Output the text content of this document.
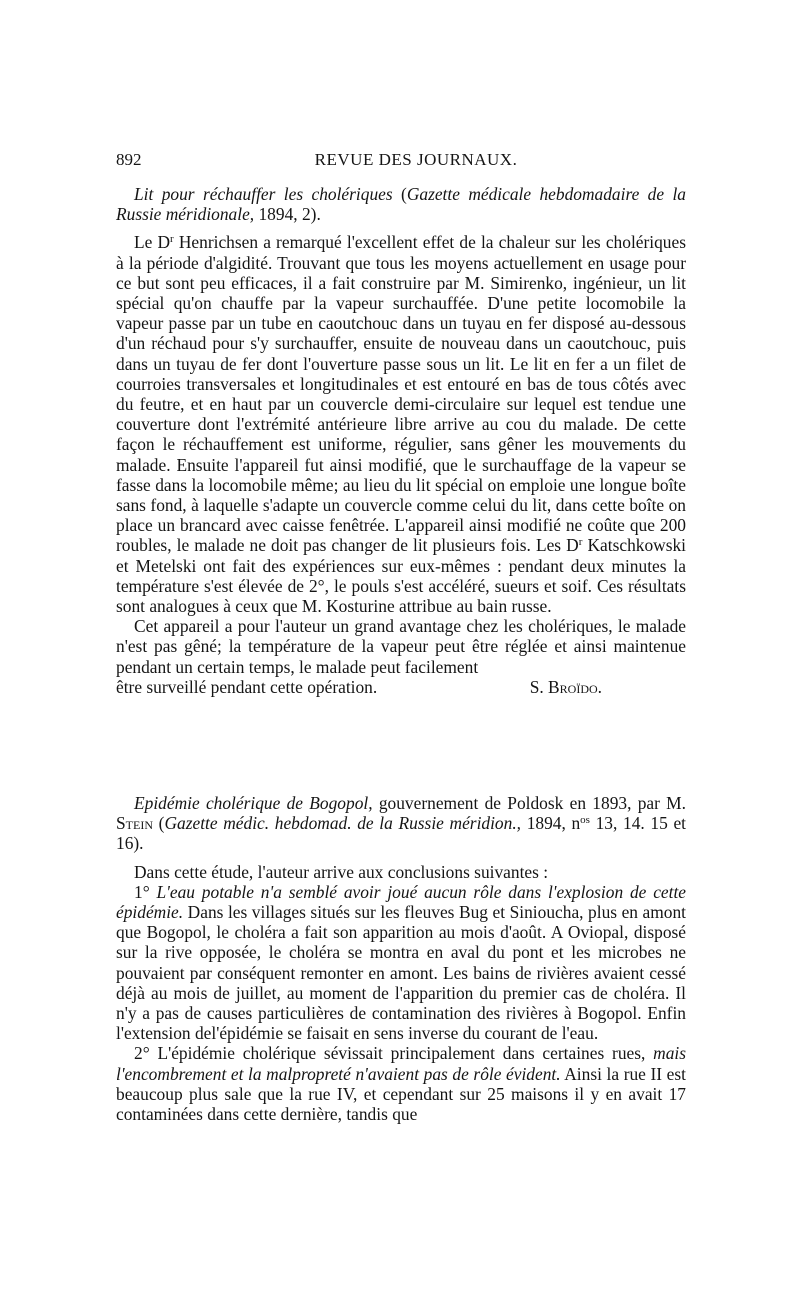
892	REVUE DES JOURNAUX.

Lit pour réchauffer les cholériques (Gazette médicale hebdomadaire de la Russie méridionale, 1894, 2).

Le $D^r$ Henrichsen a remarqué l'excellent effet de la chaleur sur les cholériques à la période d'algidité. Trouvant que tous les moyens actuellement en usage pour ce but sont peu efficaces, il a fait construire par M. Simirenko, ingénieur, un lit spécial qu'on chauffe par la vapeur surchauffée. D'une petite locomobile la vapeur passe par un tube en caoutchouc dans un tuyau en fer disposé au-dessous d'un réchaud pour s'y surchauffer, ensuite de nouveau dans un caoutchouc, puis dans un tuyau de fer dont l'ouverture passe sous un lit. Le lit en fer a un filet de courroies transversales et longitudinales et est entouré en bas de tous côtés avec du feutre, et en haut par un couvercle demi-circulaire sur lequel est tendue une couverture dont l'extrémité antérieure libre arrive au cou du malade. De cette façon le réchauffement est uniforme, régulier, sans gêner les mouvements du malade. Ensuite l'appareil fut ainsi modifié, que le surchauffage de la vapeur se fasse dans la locomobile même; au lieu du lit spécial on emploie une longue boîte sans fond, à laquelle s'adapte un couvercle comme celui du lit, dans cette boîte on place un brancard avec caisse fenêtrée. L'appareil ainsi modifié ne coûte que 200 roubles, le malade ne doit pas changer de lit plusieurs fois. Les $D^r$ Katschkowski et Metelski ont fait des expériences sur eux-mêmes : pendant deux minutes la température s'est élevée de 2°, le pouls s'est accéléré, sueurs et soif. Ces résultats sont analogues à ceux que M. Kosturine attribue au bain russe.

Cet appareil a pour l'auteur un grand avantage chez les cholériques, le malade n'est pas gêné; la température de la vapeur peut être réglée et ainsi maintenue pendant un certain temps, le malade peut facilement

être surveillé pendant cette opération.	S. Broïdo.

Epidémie cholérique de Bogopol, gouvernement de Poldosk en 1893, par M. Stein (Gazette médic. hebdomad. de la Russie méridion., 1894, $n^{os}$ 13, 14. 15 et 16).

Dans cette étude, l'auteur arrive aux conclusions suivantes :

1° L'eau potable n'a semblé avoir joué aucun rôle dans l'explosion de cette épidémie. Dans les villages situés sur les fleuves Bug et Sinioucha, plus en amont que Bogopol, le choléra a fait son apparition au mois d'août. A Oviopal, disposé sur la rive opposée, le choléra se montra en aval du pont et les microbes ne pouvaient par conséquent remonter en amont. Les bains de rivières avaient cessé déjà au mois de juillet, au moment de l'apparition du premier cas de choléra. Il n'y a pas de causes particulières de contamination des rivières à Bogopol. Enfin l'extension del'épidémie se faisait en sens inverse du courant de l'eau.

2° L'épidémie cholérique sévissait principalement dans certaines rues, mais l'encombrement et la malpropreté n'avaient pas de rôle évident. Ainsi la rue II est beaucoup plus sale que la rue IV, et cependant sur 25 maisons il y en avait 17 contaminées dans cette dernière, tandis que
